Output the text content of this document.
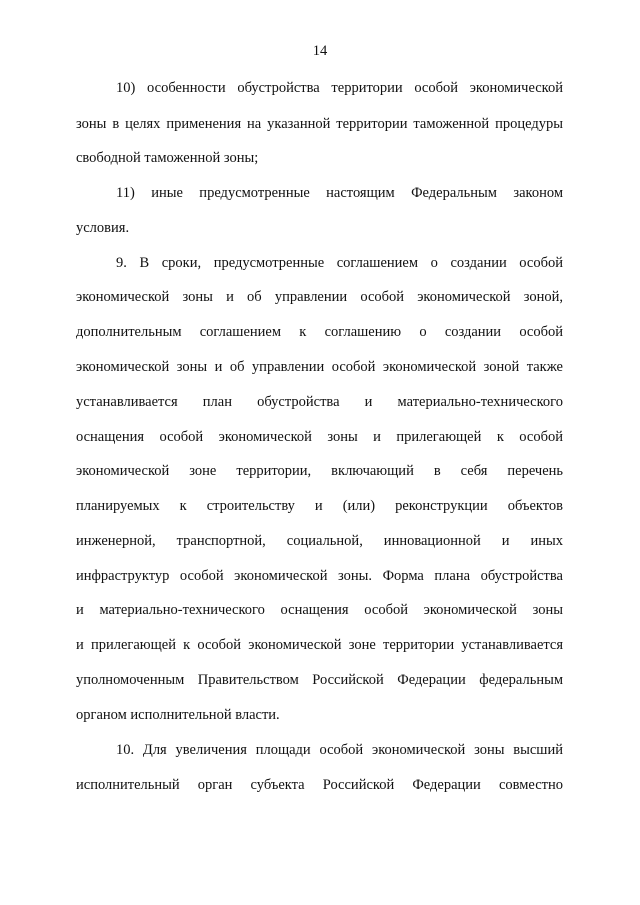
14
10) особенности обустройства территории особой экономической
зоны в целях применения на указанной территории таможенной процедуры
свободной таможенной зоны;
11) иные предусмотренные настоящим Федеральным законом
условия.
9. В сроки, предусмотренные соглашением о создании особой
экономической зоны и об управлении особой экономической зоной,
дополнительным соглашением к соглашению о создании особой
экономической зоны и об управлении особой экономической зоной также
устанавливается план обустройства и материально-технического
оснащения особой экономической зоны и прилегающей к особой
экономической зоне территории, включающий в себя перечень
планируемых к строительству и (или) реконструкции объектов
инженерной, транспортной, социальной, инновационной и иных
инфраструктур особой экономической зоны. Форма плана обустройства
и материально-технического оснащения особой экономической зоны
и прилегающей к особой экономической зоне территории устанавливается
уполномоченным Правительством Российской Федерации федеральным
органом исполнительной власти.
10. Для увеличения площади особой экономической зоны высший
исполнительный орган субъекта Российской Федерации совместно
